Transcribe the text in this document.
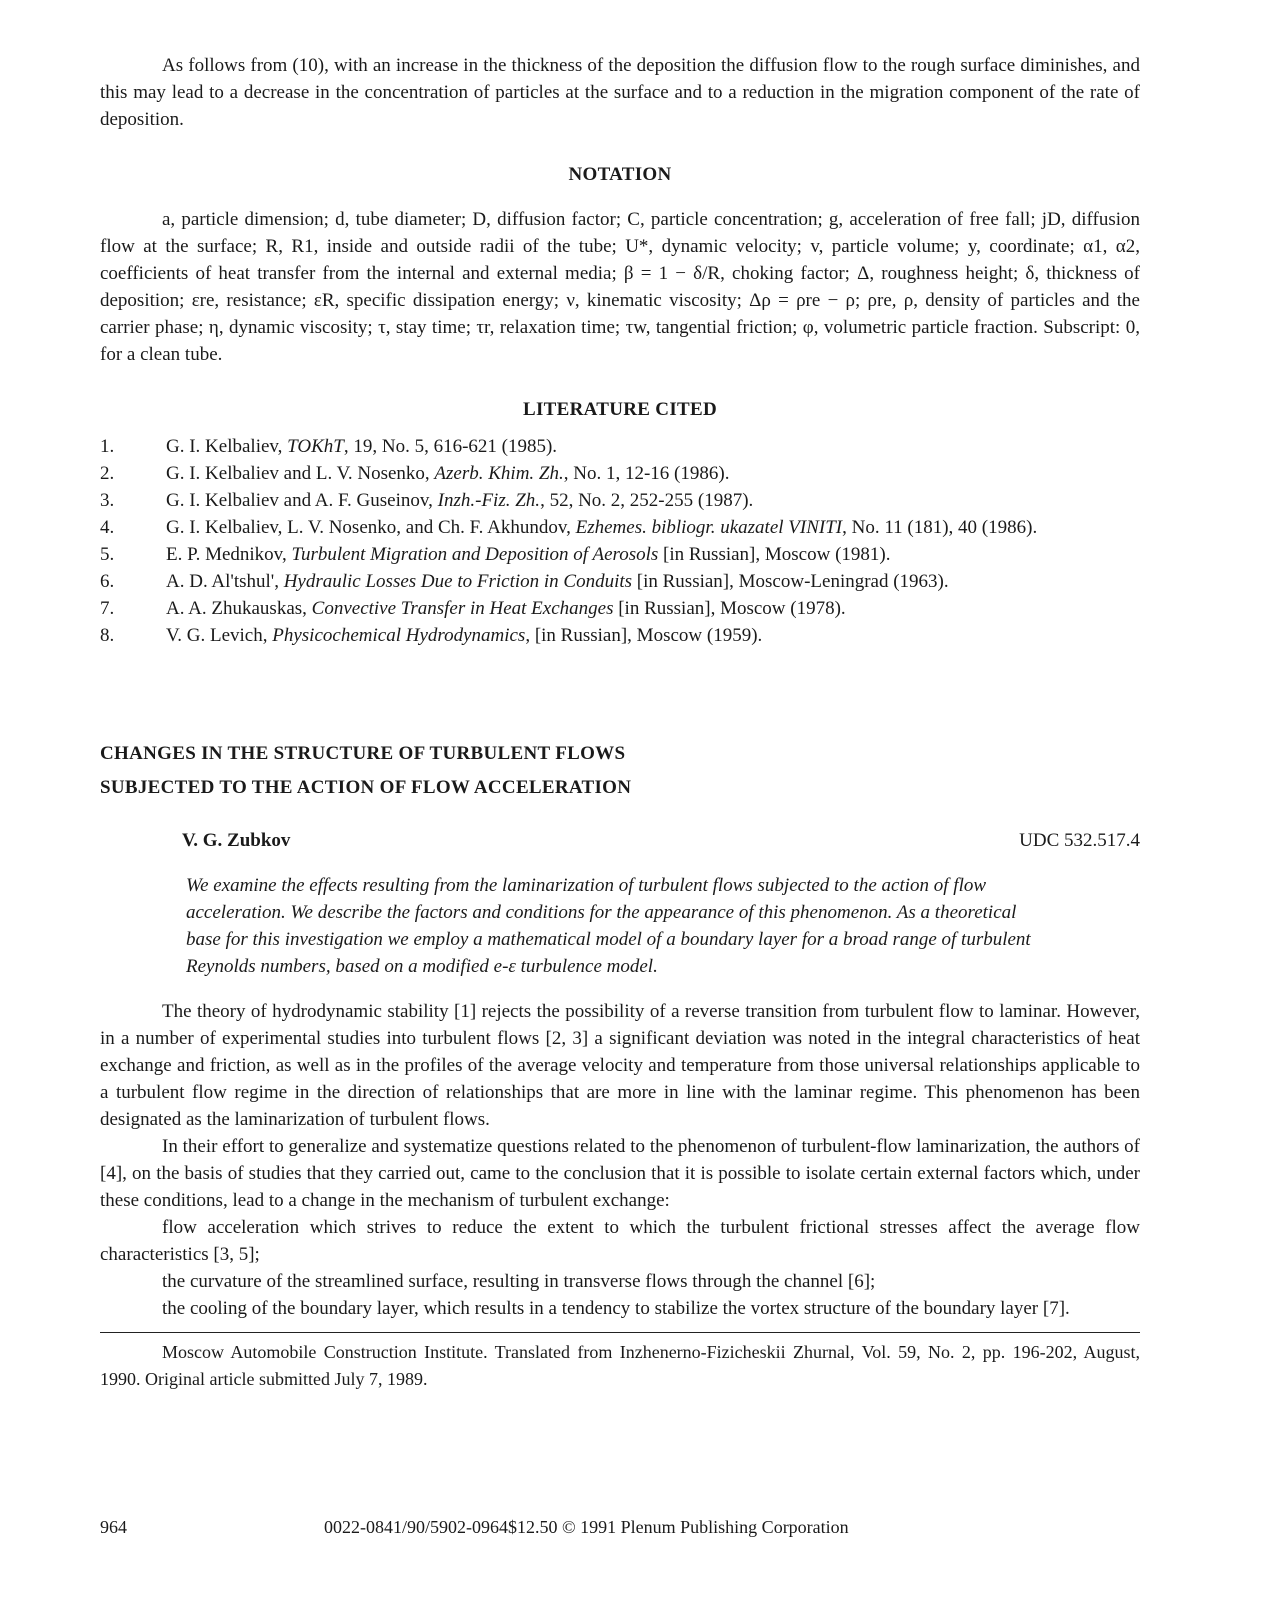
As follows from (10), with an increase in the thickness of the deposition the diffusion flow to the rough surface diminishes, and this may lead to a decrease in the concentration of particles at the surface and to a reduction in the migration component of the rate of deposition.

NOTATION

a, particle dimension; d, tube diameter; D, diffusion factor; C, particle concentration; g, acceleration of free fall; jD, diffusion flow at the surface; R, R1, inside and outside radii of the tube; U*, dynamic velocity; v, particle volume; y, coordinate; α1, α2, coefficients of heat transfer from the internal and external media; β = 1 − δ/R, choking factor; Δ, roughness height; δ, thickness of deposition; εre, resistance; εR, specific dissipation energy; ν, kinematic viscosity; Δρ = ρre − ρ; ρre, ρ, density of particles and the carrier phase; η, dynamic viscosity; τ, stay time; τr, relaxation time; τw, tangential friction; φ, volumetric particle fraction. Subscript: 0, for a clean tube.

LITERATURE CITED
1.	G. I. Kelbaliev, TOKhT, 19, No. 5, 616-621 (1985).
2.	G. I. Kelbaliev and L. V. Nosenko, Azerb. Khim. Zh., No. 1, 12-16 (1986).
3.	G. I. Kelbaliev and A. F. Guseinov, Inzh.-Fiz. Zh., 52, No. 2, 252-255 (1987).
4.	G. I. Kelbaliev, L. V. Nosenko, and Ch. F. Akhundov, Ezhemes. bibliogr. ukazatel VINITI, No. 11 (181), 40 (1986).
5.	E. P. Mednikov, Turbulent Migration and Deposition of Aerosols [in Russian], Moscow (1981).
6.	A. D. Al'tshul', Hydraulic Losses Due to Friction in Conduits [in Russian], Moscow-Leningrad (1963).
7.	A. A. Zhukauskas, Convective Transfer in Heat Exchanges [in Russian], Moscow (1978).
8.	V. G. Levich, Physicochemical Hydrodynamics, [in Russian], Moscow (1959).
CHANGES IN THE STRUCTURE OF TURBULENT FLOWS
SUBJECTED TO THE ACTION OF FLOW ACCELERATION
V. G. Zubkov	UDC 532.517.4

We examine the effects resulting from the laminarization of turbulent flows subjected to the action of flow acceleration. We describe the factors and conditions for the appearance of this phenomenon. As a theoretical base for this investigation we employ a mathematical model of a boundary layer for a broad range of turbulent Reynolds numbers, based on a modified e-ε turbulence model.

The theory of hydrodynamic stability [1] rejects the possibility of a reverse transition from turbulent flow to laminar. However, in a number of experimental studies into turbulent flows [2, 3] a significant deviation was noted in the integral characteristics of heat exchange and friction, as well as in the profiles of the average velocity and temperature from those universal relationships applicable to a turbulent flow regime in the direction of relationships that are more in line with the laminar regime. This phenomenon has been designated as the laminarization of turbulent flows.

In their effort to generalize and systematize questions related to the phenomenon of turbulent-flow laminarization, the authors of [4], on the basis of studies that they carried out, came to the conclusion that it is possible to isolate certain external factors which, under these conditions, lead to a change in the mechanism of turbulent exchange:

flow acceleration which strives to reduce the extent to which the turbulent frictional stresses affect the average flow characteristics [3, 5];

the curvature of the streamlined surface, resulting in transverse flows through the channel [6];

the cooling of the boundary layer, which results in a tendency to stabilize the vortex structure of the boundary layer [7].

Moscow Automobile Construction Institute. Translated from Inzhenerno-Fizicheskii Zhurnal, Vol. 59, No. 2, pp. 196-202, August, 1990. Original article submitted July 7, 1989.

964	0022-0841/90/5902-0964$12.50 © 1991 Plenum Publishing Corporation
